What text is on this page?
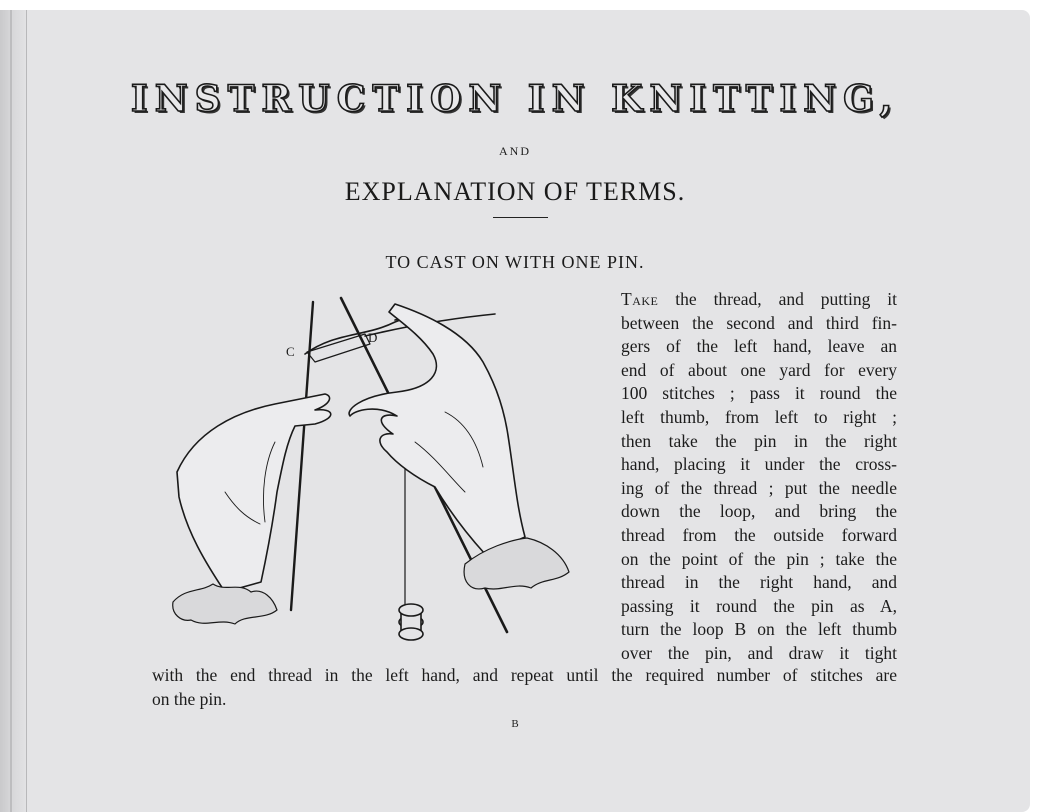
INSTRUCTION IN KNITTING,
AND
EXPLANATION OF TERMS.
TO CAST ON WITH ONE PIN.
C
D
Take the thread, and putting it
between the second and third fin-
gers of the left hand, leave an
end of about one yard for every
100 stitches ; pass it round the
left thumb, from left to right ;
then take the pin in the right
hand, placing it under the cross-
ing of the thread ; put the needle
down the loop, and bring the
thread from the outside forward
on the point of the pin ; take the
thread in the right hand, and
passing it round the pin as A,
turn the loop B on the left thumb
over the pin, and draw it tight
with the end thread in the left hand, and repeat until the required number of stitches are
on the pin.
B
